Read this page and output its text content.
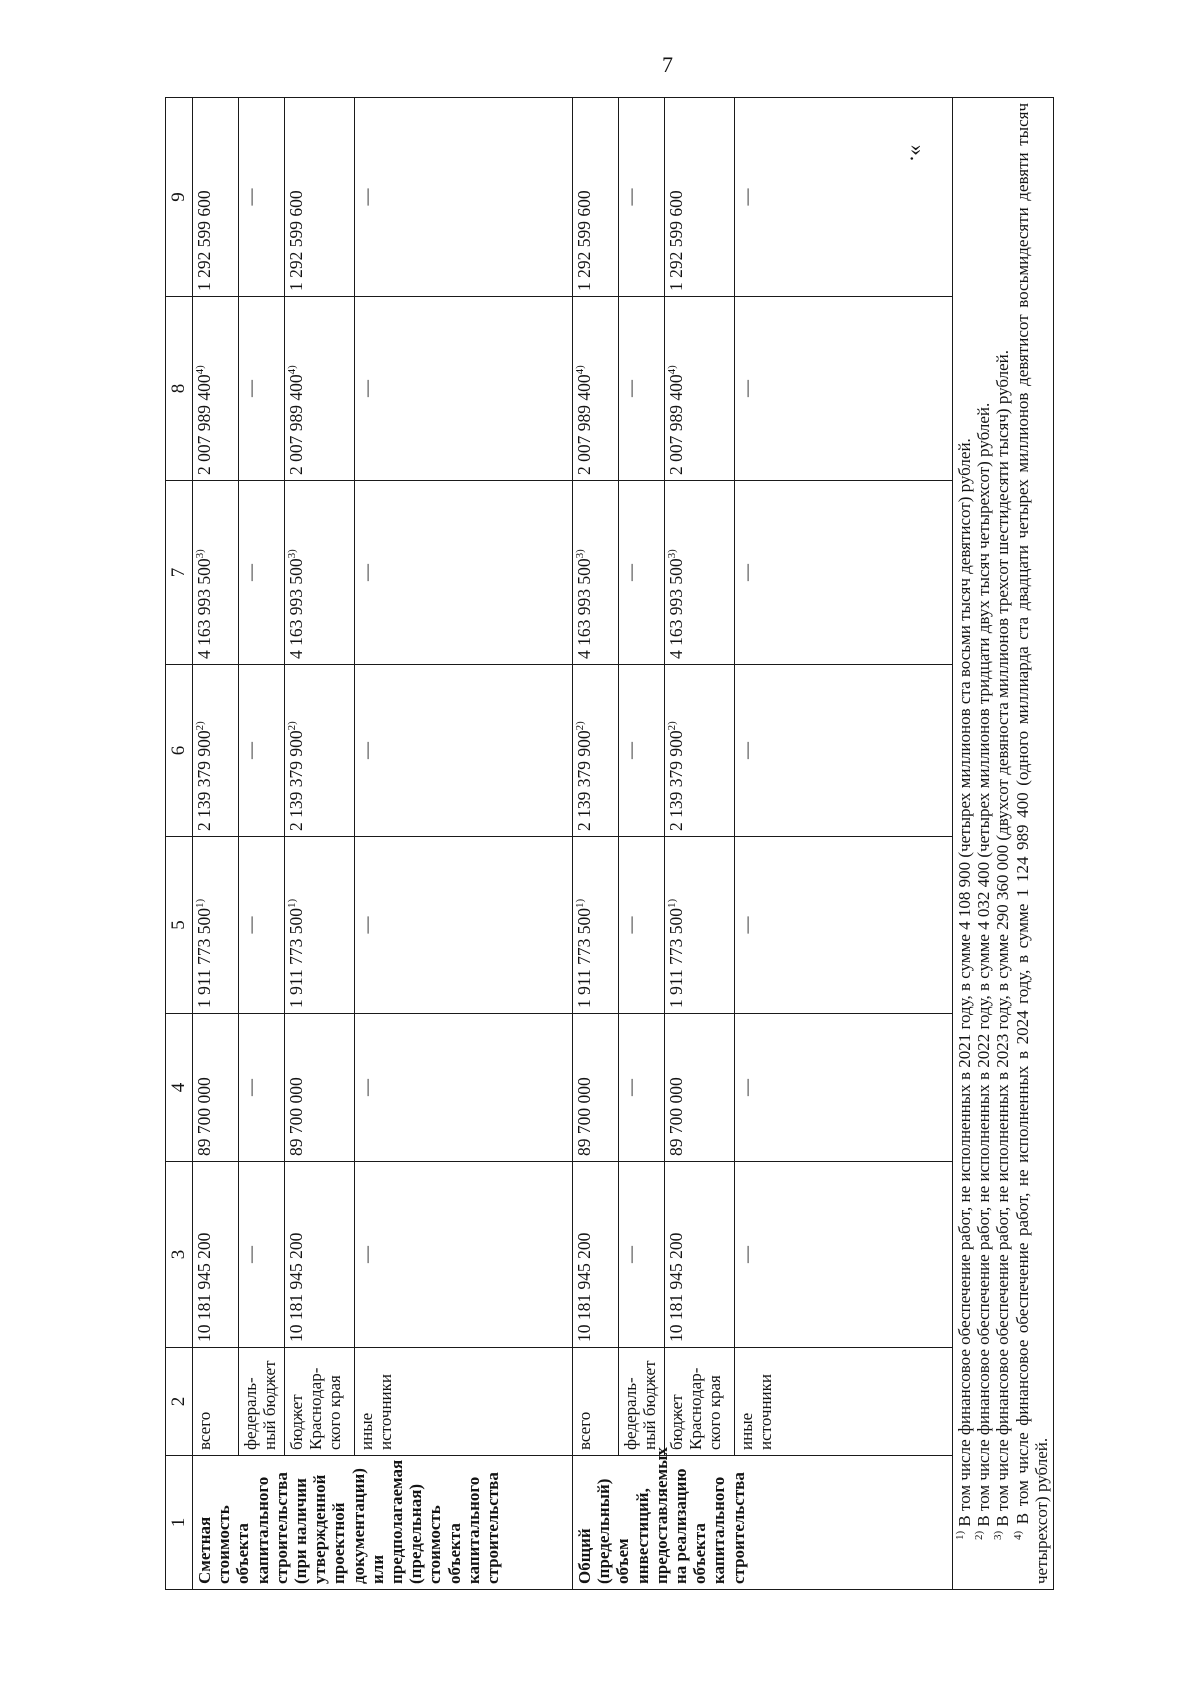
7
1	2	3	4	5	6	7	8	9
Сметная стоимость объекта капитального строительства (при наличии утвержденной проектной документации) или предполагаемая (предельная) стоимость объекта капитального строительства	всего	10 181 945 200	89 700 000	1 911 773 500$^{1)}$	2 139 379 900$^{2)}$	4 163 993 500$^{3)}$	2 007 989 400$^{4)}$	1 292 599 600
	федераль-ный бюджет	—	—	—	—	—	—	—
	бюджет Краснодар-ского края	10 181 945 200	89 700 000	1 911 773 500$^{1)}$	2 139 379 900$^{2)}$	4 163 993 500$^{3)}$	2 007 989 400$^{4)}$	1 292 599 600
	иные источники	—	—	—	—	—	—	—
Общий (предельный) объем инвестиций, предоставляемых на реализацию объекта капитального строительства	всего	10 181 945 200	89 700 000	1 911 773 500$^{1)}$	2 139 379 900$^{2)}$	4 163 993 500$^{3)}$	2 007 989 400$^{4)}$	1 292 599 600
	федераль-ный бюджет	—	—	—	—	—	—	—
	бюджет Краснодар-ского края	10 181 945 200	89 700 000	1 911 773 500$^{1)}$	2 139 379 900$^{2)}$	4 163 993 500$^{3)}$	2 007 989 400$^{4)}$	1 292 599 600
	иные источники	—	—	—	—	—	—	—

$^{1)}$ В том числе финансовое обеспечение работ, не исполненных в 2021 году, в сумме 4 108 900 (четырех миллионов ста восьми тысяч девятисот) рублей.

$^{2)}$ В том числе финансовое обеспечение работ, не исполненных в 2022 году, в сумме 4 032 400 (четырех миллионов тридцати двух тысяч четырехсот) рублей.

$^{3)}$ В том числе финансовое обеспечение работ, не исполненных в 2023 году, в сумме 290 360 000 (двухсот девяноста миллионов трехсот шестидесяти тысяч) рублей.

$^{4)}$ В том числе финансовое обеспечение работ, не исполненных в 2024 году, в сумме 1 124 989 400 (одного миллиарда ста двадцати четырех миллионов девятисот восьмидесяти девяти тысяч четырехсот) рублей.								

».
